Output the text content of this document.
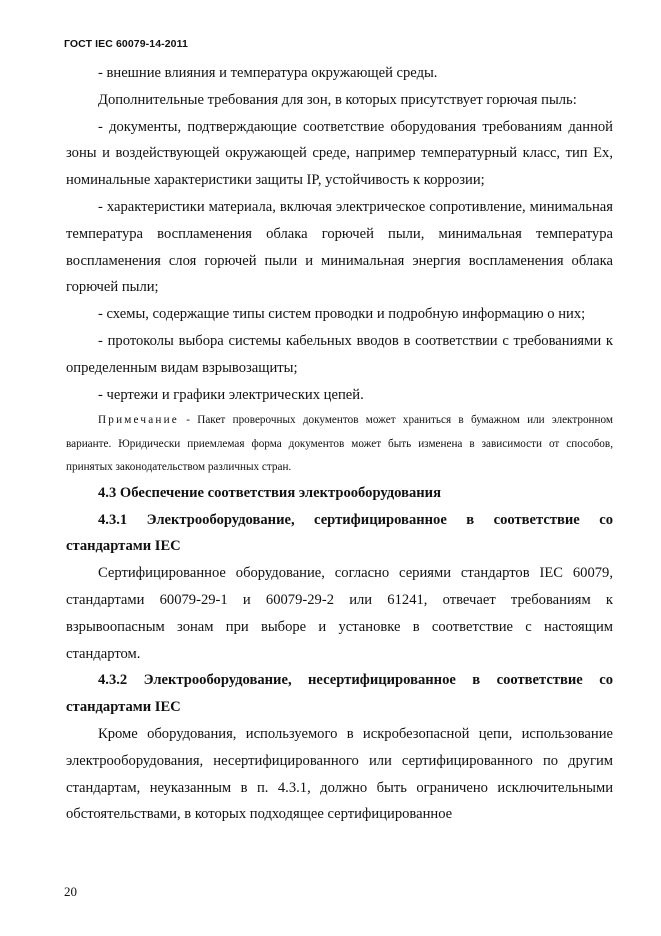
ГОСТ IEC 60079-14-2011

- внешние влияния и температура окружающей среды.

Дополнительные требования для зон, в которых присутствует горючая пыль:

- документы, подтверждающие соответствие оборудования требованиям данной зоны и воздействующей окружающей среде, например температурный класс, тип Ex, номинальные характеристики защиты IP, устойчивость к коррозии;

- характеристики материала, включая электрическое сопротивление, минимальная температура воспламенения облака горючей пыли, минимальная температура воспламенения слоя горючей пыли и минимальная энергия воспламенения облака горючей пыли;

- схемы, содержащие типы систем проводки и подробную информацию о них;

- протоколы выбора системы кабельных вводов в соответствии с требованиями к определенным видам взрывозащиты;

- чертежи и графики электрических цепей.

Примечание - Пакет проверочных документов может храниться в бумажном или электронном варианте. Юридически приемлемая форма документов может быть изменена в зависимости от способов, принятых законодательством различных стран.

4.3 Обеспечение соответствия электрооборудования

4.3.1 Электрооборудование, сертифицированное в соответствие со стандартами IEC

Сертифицированное оборудование, согласно сериями стандартов IEC 60079, стандартами 60079-29-1 и 60079-29-2 или 61241, отвечает требованиям к взрывоопасным зонам при выборе и установке в соответствие с настоящим стандартом.

4.3.2 Электрооборудование, несертифицированное в соответствие со стандартами IEC

Кроме оборудования, используемого в искробезопасной цепи, использование электрооборудования, несертифицированного или сертифицированного по другим стандартам, неуказанным в п. 4.3.1, должно быть ограничено исключительными обстоятельствами, в которых подходящее сертифицированное

20
